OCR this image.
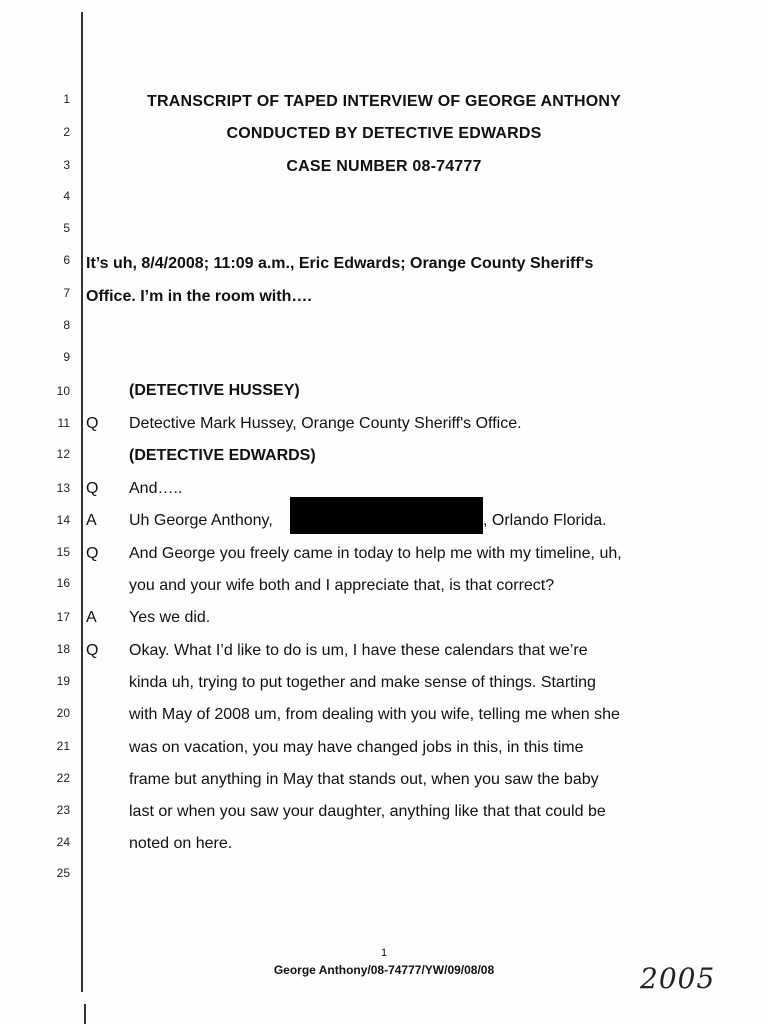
1
2
3
4
5
6
7
8
9
10
11
12
13
14
15
16
17
18
19
20
21
22
23
24
25
TRANSCRIPT OF TAPED INTERVIEW OF GEORGE ANTHONY
CONDUCTED BY DETECTIVE EDWARDS
CASE NUMBER 08-74777
It’s uh, 8/4/2008; 11:09 a.m., Eric Edwards; Orange County Sheriff's
Office. I’m in the room with….
(DETECTIVE HUSSEY)
Q Detective Mark Hussey, Orange County Sheriff's Office.
(DETECTIVE EDWARDS)
Q And…..
A Uh George Anthony,	, Orlando Florida.
Q And George you freely came in today to help me with my timeline, uh,
you and your wife both and I appreciate that, is that correct?
A Yes we did.
Q Okay. What I’d like to do is um, I have these calendars that we’re
kinda uh, trying to put together and make sense of things. Starting
with May of 2008 um, from dealing with you wife, telling me when she
was on vacation, you may have changed jobs in this, in this time
frame but anything in May that stands out, when you saw the baby
last or when you saw your daughter, anything like that that could be
noted on here.
1
George Anthony/08-74777/YW/09/08/08	2005
